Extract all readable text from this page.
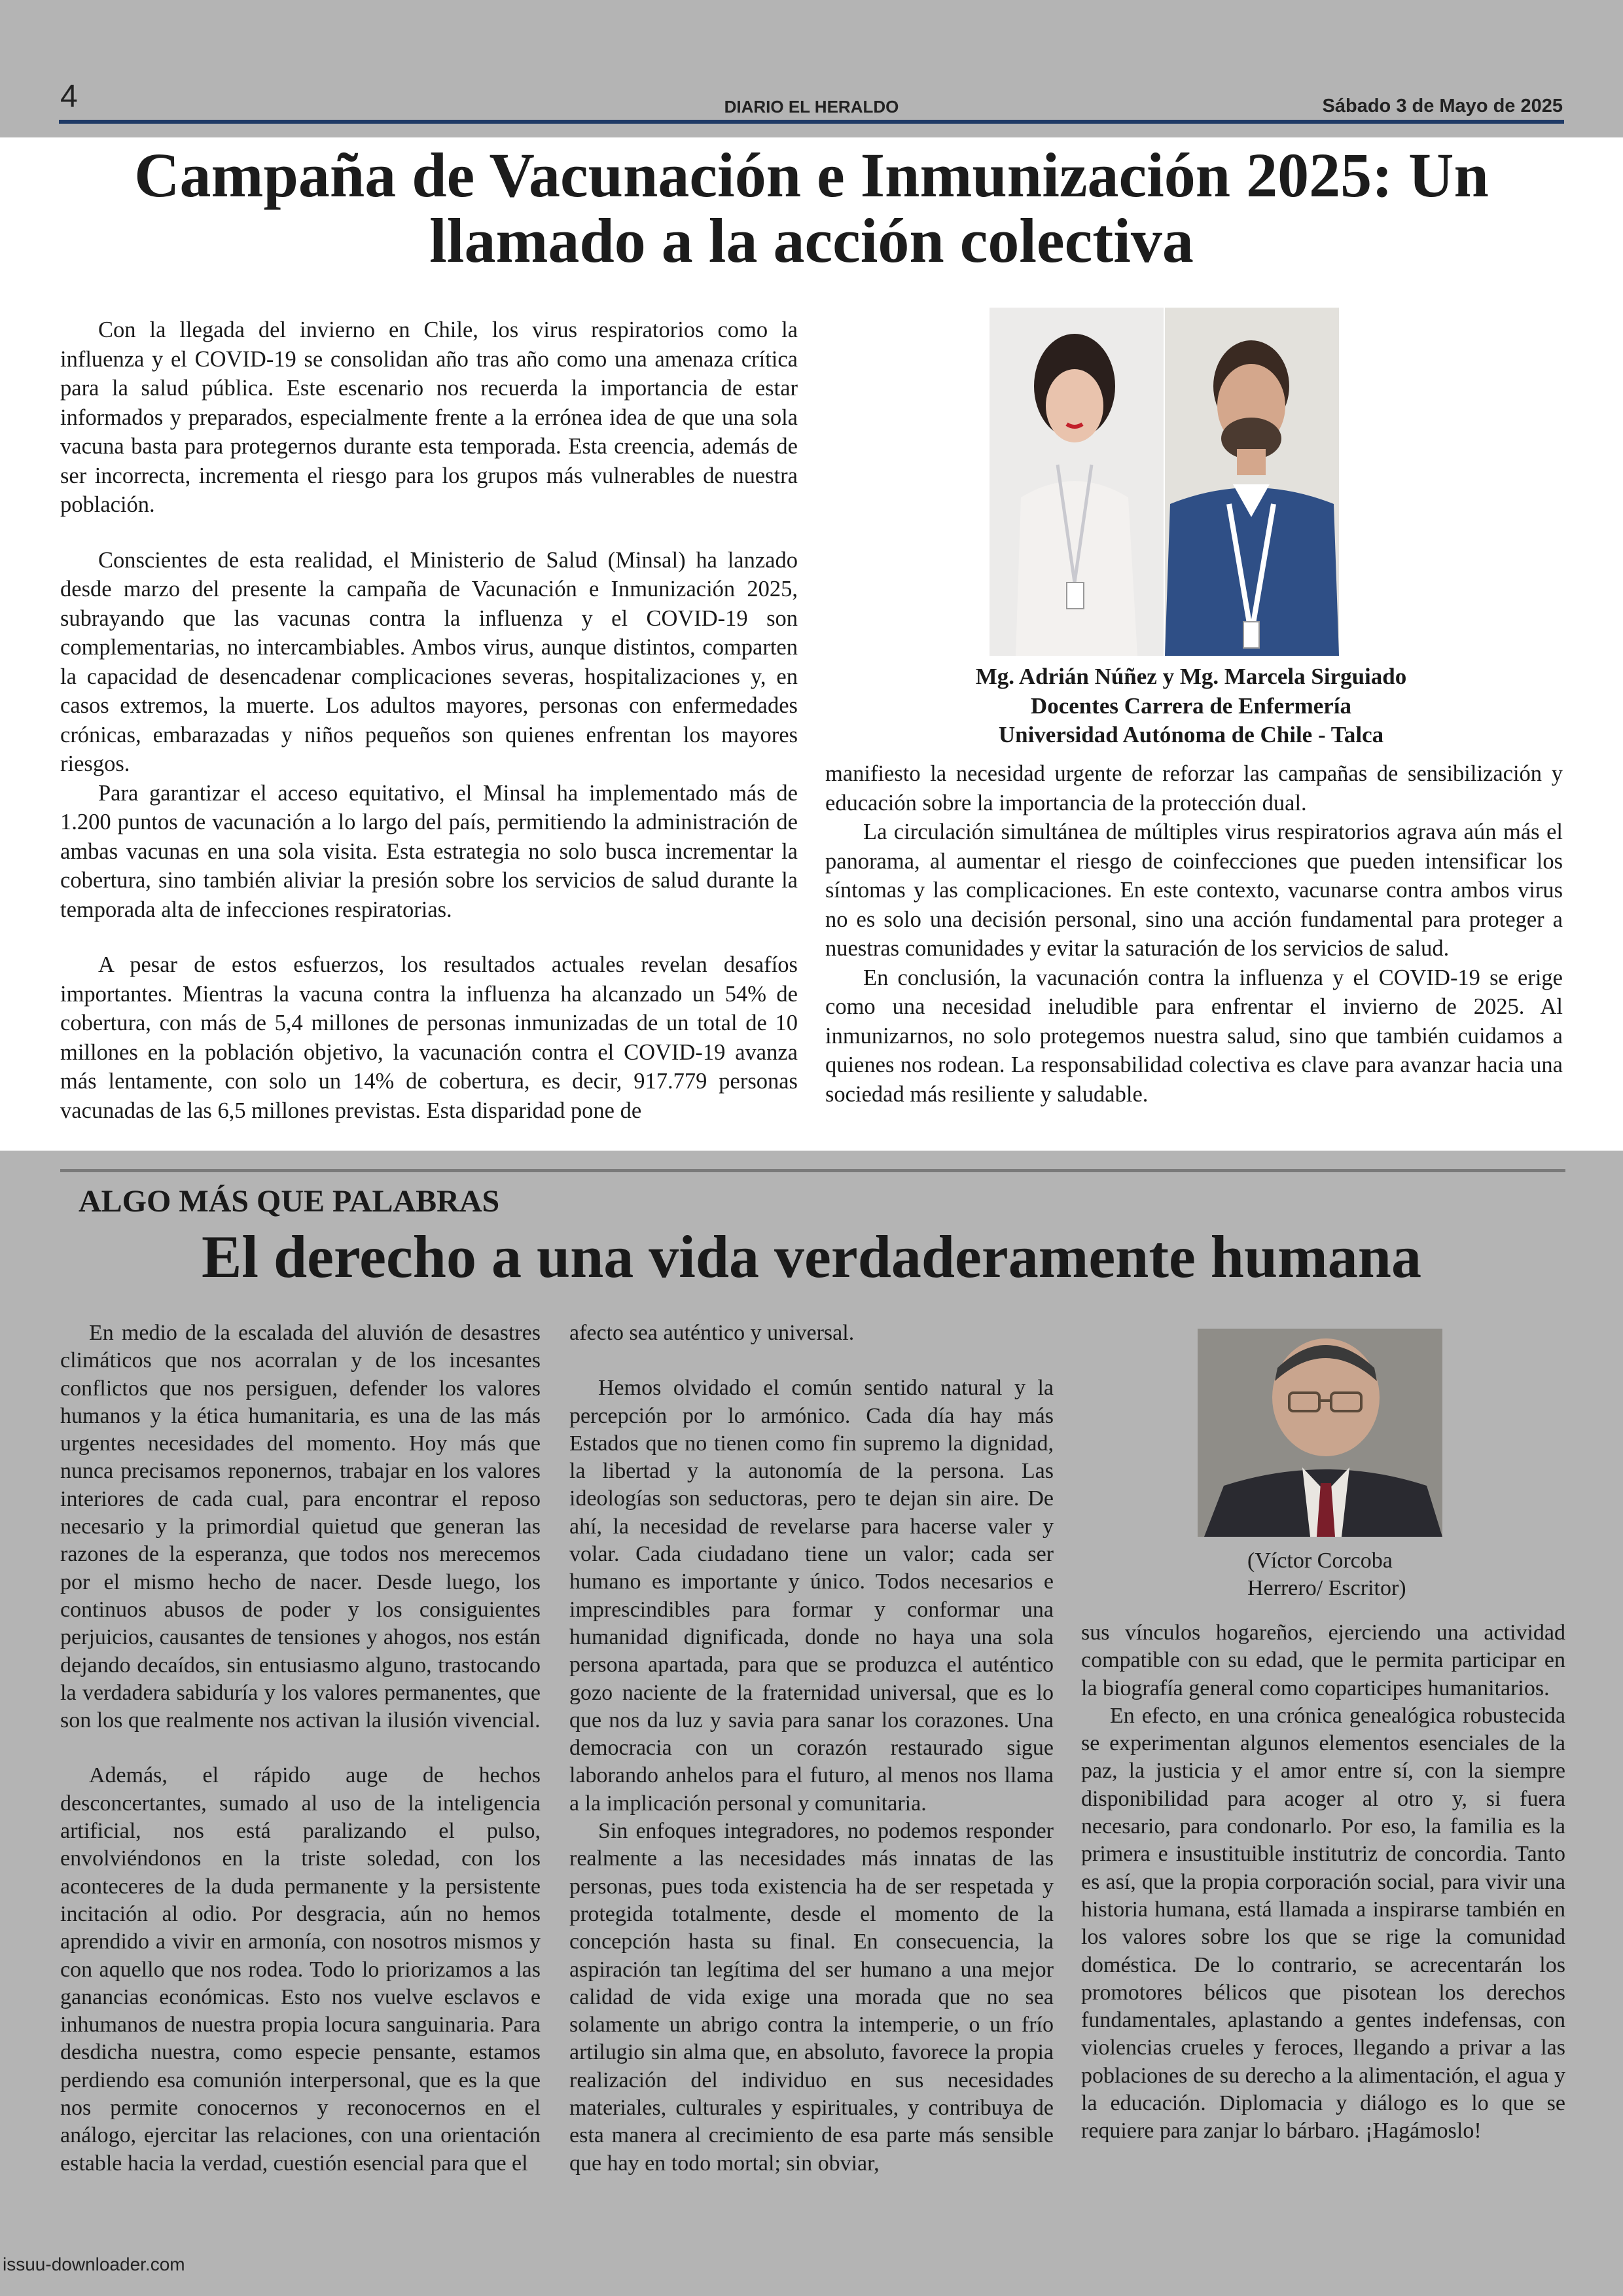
4	DIARIO EL HERALDO	Sábado 3 de Mayo de 2025
Campaña de Vacunación e Inmunización 2025: Un llamado a la acción colectiva

Con la llegada del invierno en Chile, los virus respiratorios como la influenza y el COVID-19 se consolidan año tras año como una amenaza crítica para la salud pública. Este escenario nos recuerda la importancia de estar informados y preparados, especialmente frente a la errónea idea de que una sola vacuna basta para protegernos durante esta temporada. Esta creencia, además de ser incorrecta, incrementa el riesgo para los grupos más vulnerables de nuestra población.

Conscientes de esta realidad, el Ministerio de Salud (Minsal) ha lanzado desde marzo del presente la campaña de Vacunación e Inmunización 2025, subrayando que las vacunas contra la influenza y el COVID-19 son complementarias, no intercambiables. Ambos virus, aunque distintos, comparten la capacidad de desencadenar complicaciones severas, hospitalizaciones y, en casos extremos, la muerte. Los adultos mayores, personas con enfermedades crónicas, embarazadas y niños pequeños son quienes enfrentan los mayores riesgos.

Para garantizar el acceso equitativo, el Minsal ha implementado más de 1.200 puntos de vacunación a lo largo del país, permitiendo la administración de ambas vacunas en una sola visita. Esta estrategia no solo busca incrementar la cobertura, sino también aliviar la presión sobre los servicios de salud durante la temporada alta de infecciones respiratorias.

A pesar de estos esfuerzos, los resultados actuales revelan desafíos importantes. Mientras la vacuna contra la influenza ha alcanzado un 54% de cobertura, con más de 5,4 millones de personas inmunizadas de un total de 10 millones en la población objetivo, la vacunación contra el COVID-19 avanza más lentamente, con solo un 14% de cobertura, es decir, 917.779 personas vacunadas de las 6,5 millones previstas. Esta disparidad pone de

Mg. Adrián Núñez y Mg. Marcela Sirguiado
Docentes Carrera de Enfermería
Universidad Autónoma de Chile - Talca

manifiesto la necesidad urgente de reforzar las campañas de sensibilización y educación sobre la importancia de la protección dual.

La circulación simultánea de múltiples virus respiratorios agrava aún más el panorama, al aumentar el riesgo de coinfecciones que pueden intensificar los síntomas y las complicaciones. En este contexto, vacunarse contra ambos virus no es solo una decisión personal, sino una acción fundamental para proteger a nuestras comunidades y evitar la saturación de los servicios de salud.

En conclusión, la vacunación contra la influenza y el COVID-19 se erige como una necesidad ineludible para enfrentar el invierno de 2025. Al inmunizarnos, no solo protegemos nuestra salud, sino que también cuidamos a quienes nos rodean. La responsabilidad colectiva es clave para avanzar hacia una sociedad más resiliente y saludable.

ALGO MÁS QUE PALABRAS
El derecho a una vida verdaderamente humana

En medio de la escalada del aluvión de desastres climáticos que nos acorralan y de los incesantes conflictos que nos persiguen, defender los valores humanos y la ética humanitaria, es una de las más urgentes necesidades del momento. Hoy más que nunca precisamos reponernos, trabajar en los valores interiores de cada cual, para encontrar el reposo necesario y la primordial quietud que generan las razones de la esperanza, que todos nos merecemos por el mismo hecho de nacer. Desde luego, los continuos abusos de poder y los consiguientes perjuicios, causantes de tensiones y ahogos, nos están dejando decaídos, sin entusiasmo alguno, trastocando la verdadera sabiduría y los valores permanentes, que son los que realmente nos activan la ilusión vivencial.

Además, el rápido auge de hechos desconcertantes, sumado al uso de la inteligencia artificial, nos está paralizando el pulso, envolviéndonos en la triste soledad, con los aconteceres de la duda permanente y la persistente incitación al odio. Por desgracia, aún no hemos aprendido a vivir en armonía, con nosotros mismos y con aquello que nos rodea. Todo lo priorizamos a las ganancias económicas. Esto nos vuelve esclavos e inhumanos de nuestra propia locura sanguinaria. Para desdicha nuestra, como especie pensante, estamos perdiendo esa comunión interpersonal, que es la que nos permite conocernos y reconocernos en el análogo, ejercitar las relaciones, con una orientación estable hacia la verdad, cuestión esencial para que el

afecto sea auténtico y universal.

Hemos olvidado el común sentido natural y la percepción por lo armónico. Cada día hay más Estados que no tienen como fin supremo la dignidad, la libertad y la autonomía de la persona. Las ideologías son seductoras, pero te dejan sin aire. De ahí, la necesidad de revelarse para hacerse valer y volar. Cada ciudadano tiene un valor; cada ser humano es importante y único. Todos necesarios e imprescindibles para formar y conformar una humanidad dignificada, donde no haya una sola persona apartada, para que se produzca el auténtico gozo naciente de la fraternidad universal, que es lo que nos da luz y savia para sanar los corazones. Una democracia con un corazón restaurado sigue laborando anhelos para el futuro, al menos nos llama a la implicación personal y comunitaria.

Sin enfoques integradores, no podemos responder realmente a las necesidades más innatas de las personas, pues toda existencia ha de ser respetada y protegida totalmente, desde el momento de la concepción hasta su final. En consecuencia, la aspiración tan legítima del ser humano a una mejor calidad de vida exige una morada que no sea solamente un abrigo contra la intemperie, o un frío artilugio sin alma que, en absoluto, favorece la propia realización del individuo en sus necesidades materiales, culturales y espirituales, y contribuya de esta manera al crecimiento de esa parte más sensible que hay en todo mortal; sin obviar,

(Víctor Corcoba
Herrero/ Escritor)

sus vínculos hogareños, ejerciendo una actividad compatible con su edad, que le permita participar en la biografía general como coparticipes humanitarios.

En efecto, en una crónica genealógica robustecida se experimentan algunos elementos esenciales de la paz, la justicia y el amor entre sí, con la siempre disponibilidad para acoger al otro y, si fuera necesario, para condonarlo. Por eso, la familia es la primera e insustituible institutriz de concordia. Tanto es así, que la propia corporación social, para vivir una historia humana, está llamada a inspirarse también en los valores sobre los que se rige la comunidad doméstica. De lo contrario, se acrecentarán los promotores bélicos que pisotean los derechos fundamentales, aplastando a gentes indefensas, con violencias crueles y feroces, llegando a privar a las poblaciones de su derecho a la alimentación, el agua y la educación. Diplomacia y diálogo es lo que se requiere para zanjar lo bárbaro. ¡Hagámoslo!

issuu-downloader.com
